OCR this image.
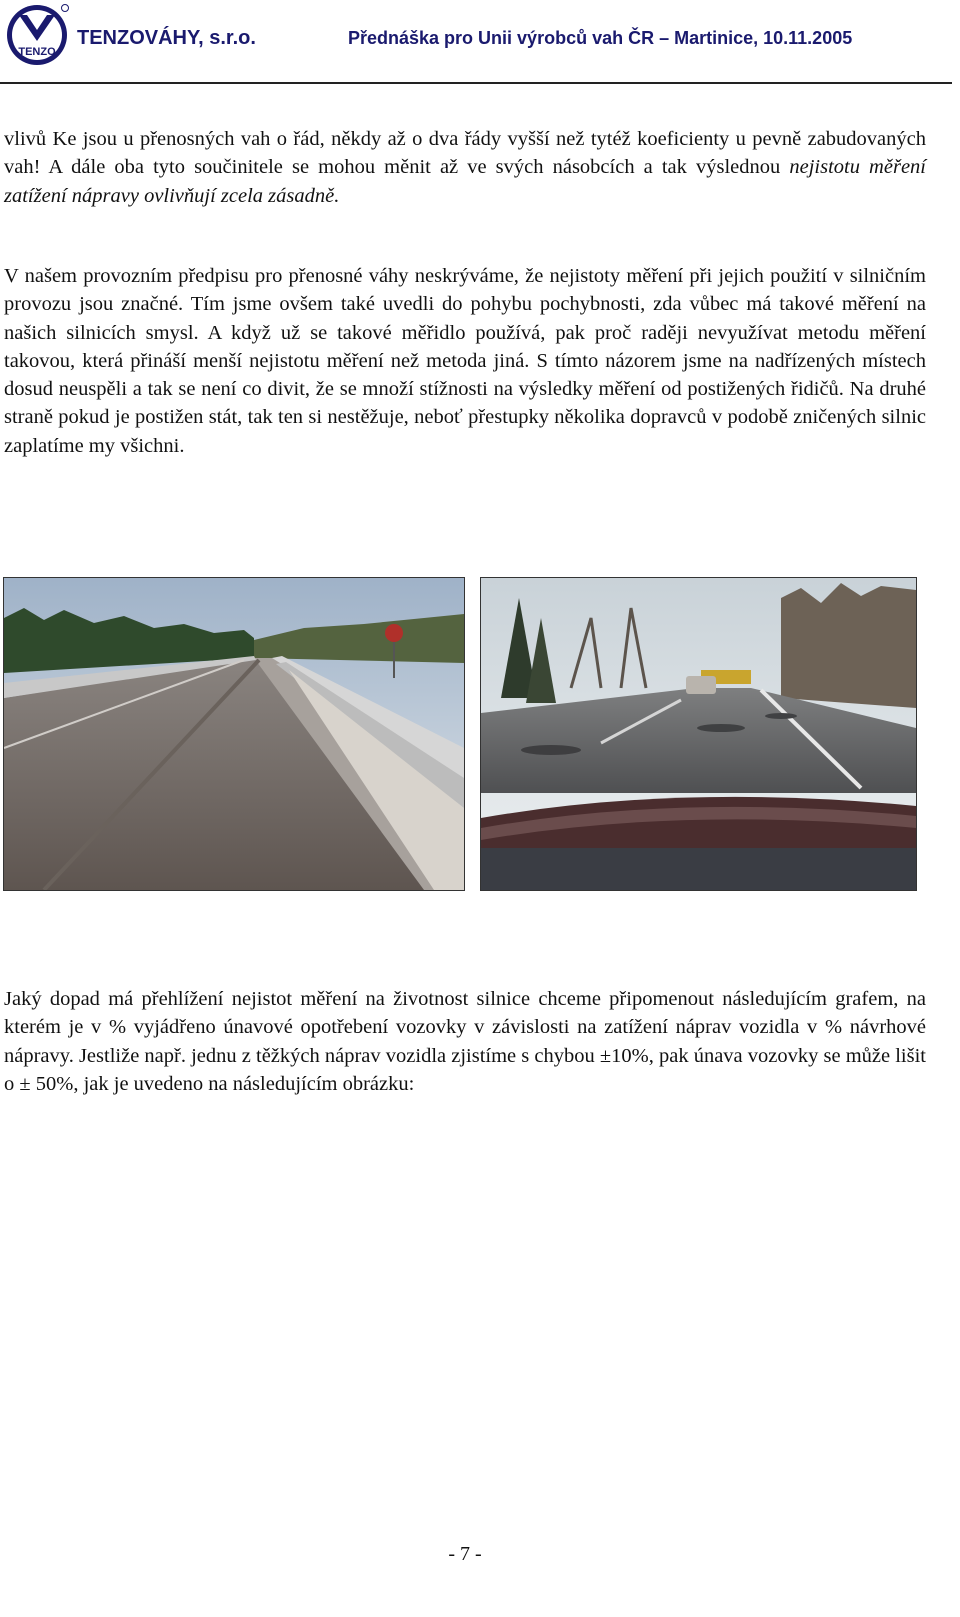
TENZO
TENZOVÁHY, s.r.o.	Přednáška pro Unii výrobců vah ČR – Martinice, 10.11.2005
vlivů Ke jsou u přenosných vah o řád, někdy až o dva řády vyšší než tytéž koeficienty u pevně zabudovaných vah! A dále oba tyto součinitele se mohou měnit až ve svých násobcích a tak výslednou nejistotu měření zatížení nápravy ovlivňují zcela zásadně.
V našem provozním předpisu pro přenosné váhy neskrýváme, že nejistoty měření při jejich použití v silničním provozu jsou značné. Tím jsme ovšem také uvedli do pohybu pochybnosti, zda vůbec má takové měření na našich silnicích smysl. A když už se takové měřidlo používá, pak proč raději nevyužívat metodu měření takovou, která přináší menší nejistotu měření než metoda jiná. S tímto názorem jsme na nadřízených místech dosud neuspěli a tak se není co divit, že se množí stížnosti na výsledky měření od postižených řidičů. Na druhé straně pokud je postižen stát, tak ten si nestěžuje, neboť přestupky několika dopravců v podobě zničených silnic zaplatíme my všichni.
Jaký dopad má přehlížení nejistot měření na životnost silnice chceme připomenout následujícím grafem, na kterém je v % vyjádřeno únavové opotřebení vozovky v závislosti na zatížení náprav vozidla v % návrhové nápravy. Jestliže např. jednu z těžkých náprav vozidla zjistíme s chybou ±10%, pak únava vozovky se může lišit o ± 50%, jak je uvedeno na následujícím obrázku:
- 7 -
